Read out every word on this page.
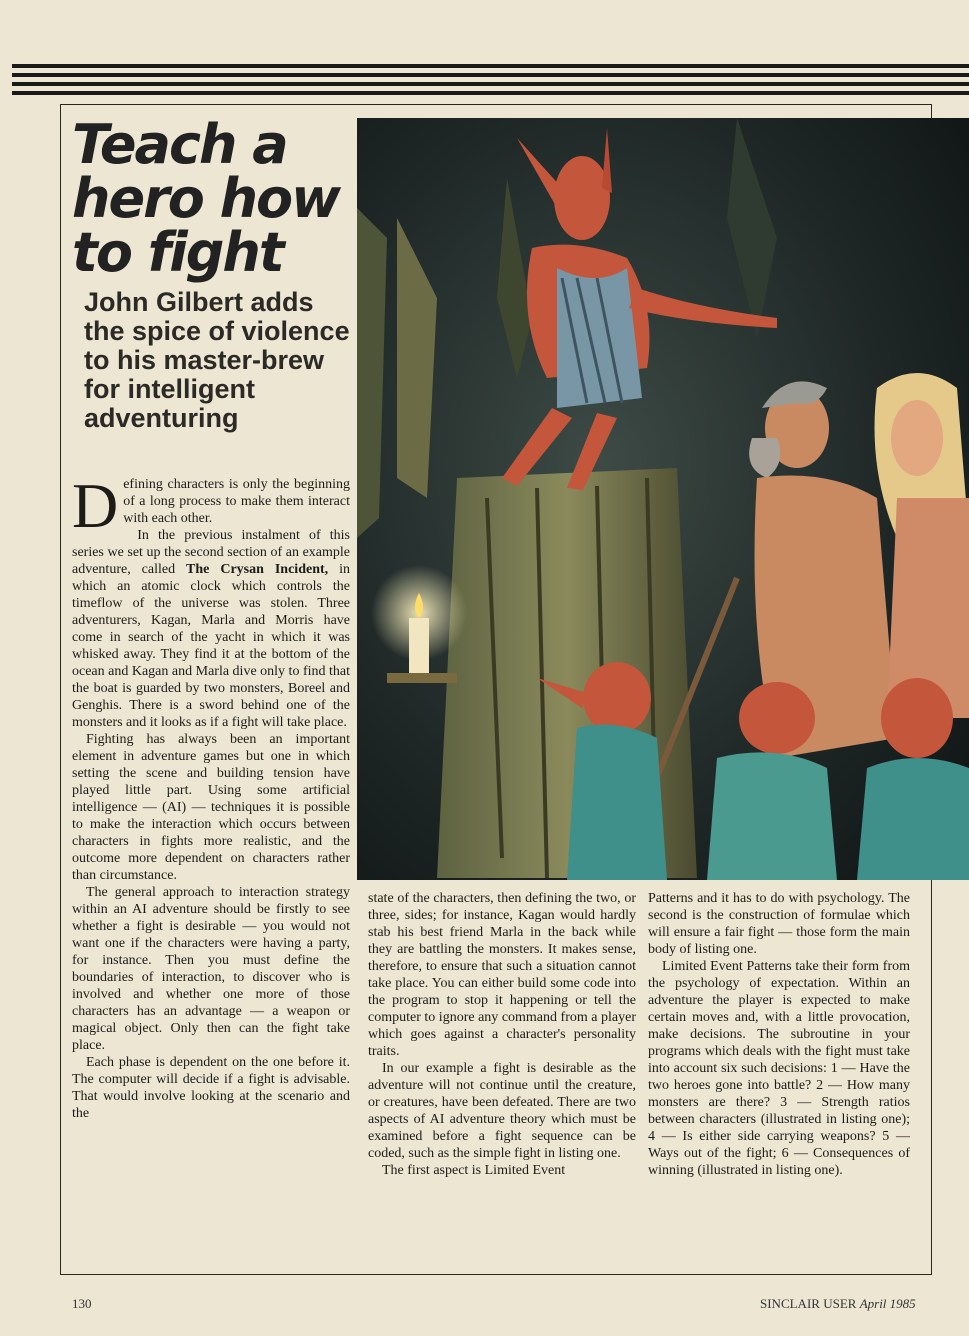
Teach a hero how to fight
John Gilbert adds the spice of violence to his master-brew for intelligent adventuring

Defining characters is only the beginning of a long process to make them interact with each other.

In the previous instalment of this series we set up the second section of an example adventure, called The Crysan Incident, in which an atomic clock which controls the timeflow of the universe was stolen. Three adventurers, Kagan, Marla and Morris have come in search of the yacht in which it was whisked away. They find it at the bottom of the ocean and Kagan and Marla dive only to find that the boat is guarded by two monsters, Boreel and Genghis. There is a sword behind one of the monsters and it looks as if a fight will take place.

Fighting has always been an important element in adventure games but one in which setting the scene and building tension have played little part. Using some artificial intelligence — (AI) — techniques it is possible to make the interaction which occurs between characters in fights more realistic, and the outcome more dependent on characters rather than circumstance.

The general approach to interaction strategy within an AI adventure should be firstly to see whether a fight is desirable — you would not want one if the characters were having a party, for instance. Then you must define the boundaries of interaction, to discover who is involved and whether one more of those characters has an advantage — a weapon or magical object. Only then can the fight take place.

Each phase is dependent on the one before it. The computer will decide if a fight is advisable. That would involve looking at the scenario and the

state of the characters, then defining the two, or three, sides; for instance, Kagan would hardly stab his best friend Marla in the back while they are battling the monsters. It makes sense, therefore, to ensure that such a situation cannot take place. You can either build some code into the program to stop it happening or tell the computer to ignore any command from a player which goes against a character's personality traits.

In our example a fight is desirable as the adventure will not continue until the creature, or creatures, have been defeated. There are two aspects of AI adventure theory which must be examined before a fight sequence can be coded, such as the simple fight in listing one.

The first aspect is Limited Event

Patterns and it has to do with psychology. The second is the construction of formulae which will ensure a fair fight — those form the main body of listing one.

Limited Event Patterns take their form from the psychology of expectation. Within an adventure the player is expected to make certain moves and, with a little provocation, make decisions. The subroutine in your programs which deals with the fight must take into account six such decisions: 1 — Have the two heroes gone into battle? 2 — How many monsters are there? 3 — Strength ratios between characters (illustrated in listing one); 4 — Is either side carrying weapons? 5 — Ways out of the fight; 6 — Consequences of winning (illustrated in listing one).

130	SINCLAIR USER April 1985
